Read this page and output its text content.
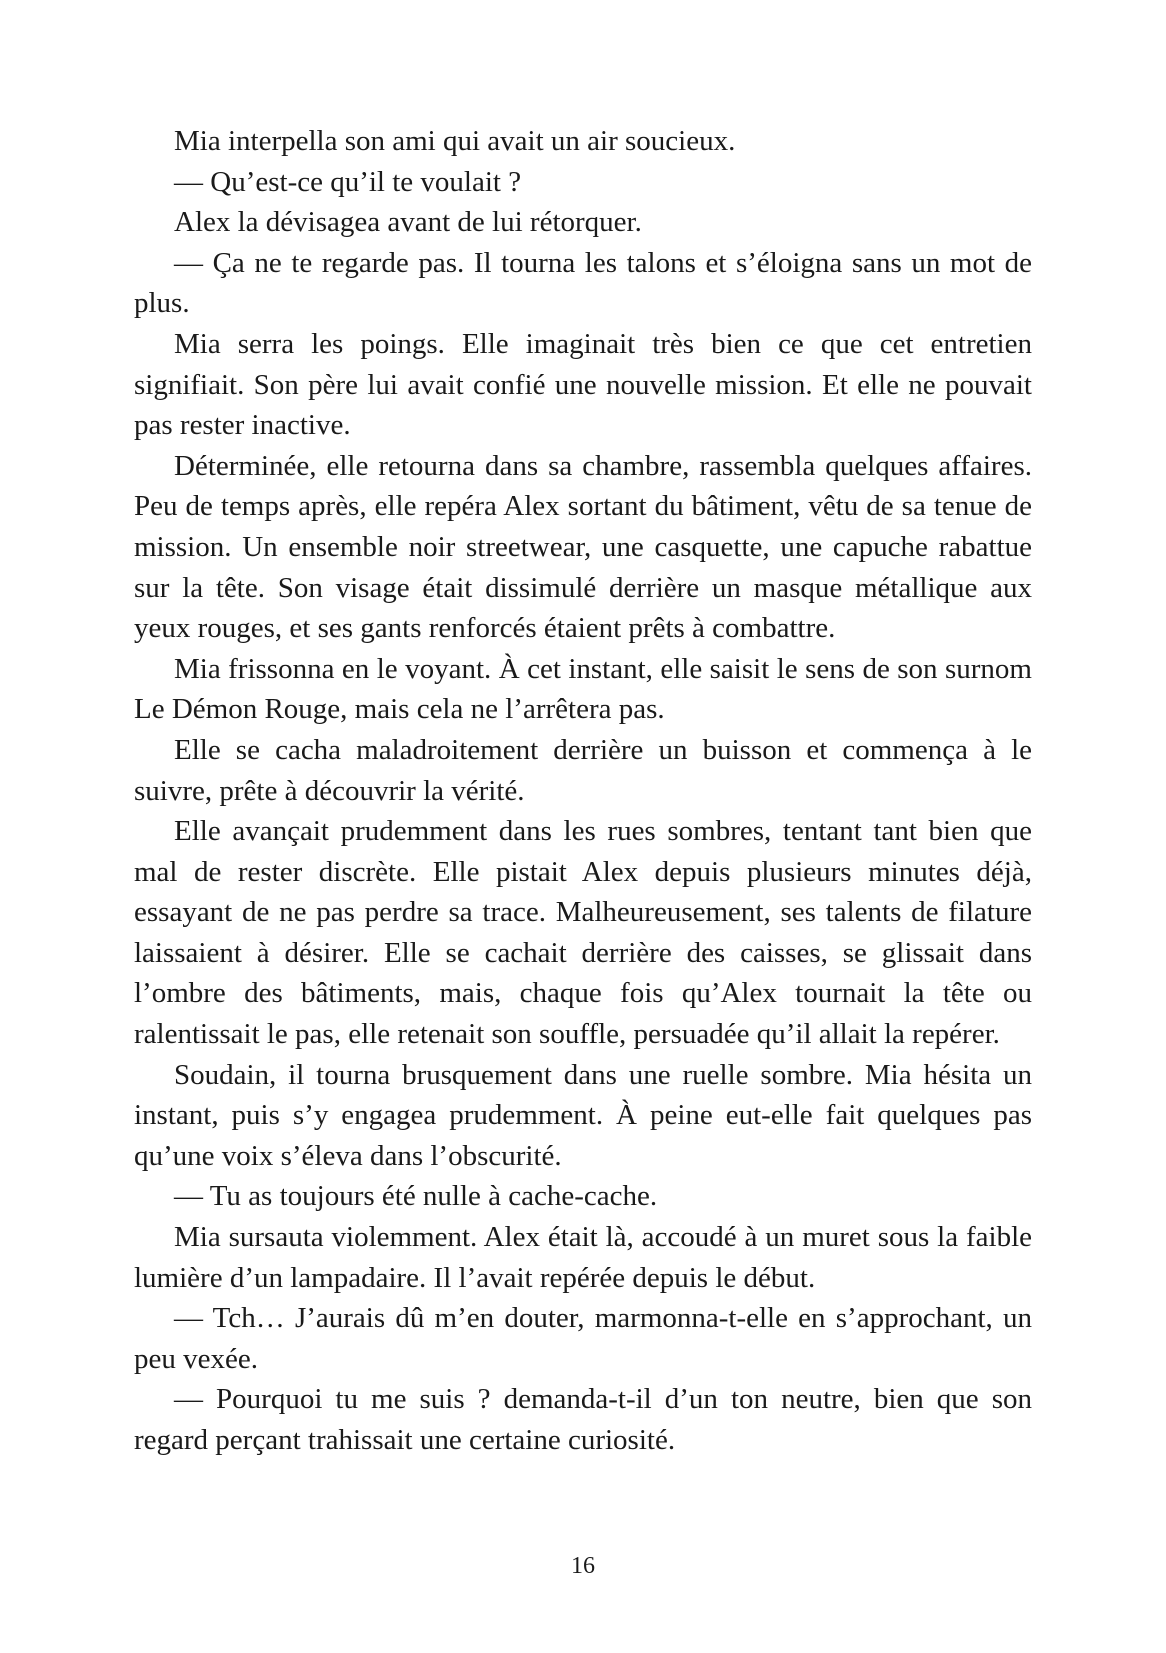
Mia interpella son ami qui avait un air soucieux.

— Qu’est-ce qu’il te voulait ?

Alex la dévisagea avant de lui rétorquer.

— Ça ne te regarde pas. Il tourna les talons et s’éloigna sans un mot de plus.

Mia serra les poings. Elle imaginait très bien ce que cet entretien signifiait. Son père lui avait confié une nouvelle mission. Et elle ne pouvait pas rester inactive.

Déterminée, elle retourna dans sa chambre, rassembla quelques affaires. Peu de temps après, elle repéra Alex sortant du bâtiment, vêtu de sa tenue de mission. Un ensemble noir streetwear, une casquette, une capuche rabattue sur la tête. Son visage était dissimulé derrière un masque métallique aux yeux rouges, et ses gants renforcés étaient prêts à combattre.

Mia frissonna en le voyant. À cet instant, elle saisit le sens de son surnom Le Démon Rouge, mais cela ne l’arrêtera pas.

Elle se cacha maladroitement derrière un buisson et commença à le suivre, prête à découvrir la vérité.

Elle avançait prudemment dans les rues sombres, tentant tant bien que mal de rester discrète. Elle pistait Alex depuis plusieurs minutes déjà, essayant de ne pas perdre sa trace. Malheureusement, ses talents de filature laissaient à désirer. Elle se cachait derrière des caisses, se glissait dans l’ombre des bâtiments, mais, chaque fois qu’Alex tournait la tête ou ralentissait le pas, elle retenait son souffle, persuadée qu’il allait la repérer.

Soudain, il tourna brusquement dans une ruelle sombre. Mia hésita un instant, puis s’y engagea prudemment. À peine eut-elle fait quelques pas qu’une voix s’éleva dans l’obscurité.

— Tu as toujours été nulle à cache-cache.

Mia sursauta violemment. Alex était là, accoudé à un muret sous la faible lumière d’un lampadaire. Il l’avait repérée depuis le début.

— Tch… J’aurais dû m’en douter, marmonna-t-elle en s’approchant, un peu vexée.

— Pourquoi tu me suis ? demanda-t-il d’un ton neutre, bien que son regard perçant trahissait une certaine curiosité.

16
